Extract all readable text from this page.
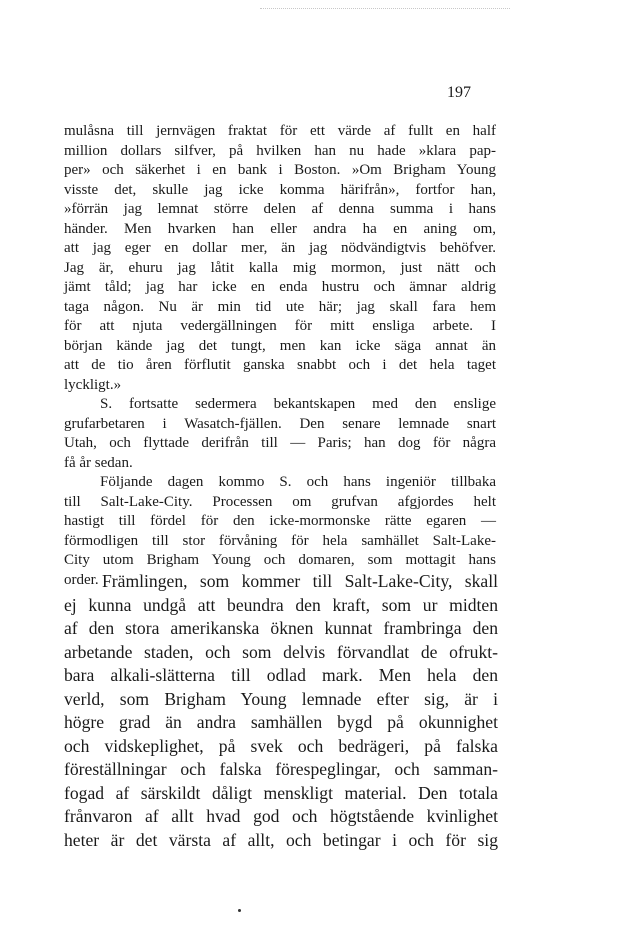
197
mulåsna till jernvägen fraktat för ett värde af fullt en half
million dollars silfver, på hvilken han nu hade »klara pap-
per» och säkerhet i en bank i Boston. »Om Brigham Young
visste det, skulle jag icke komma härifrån», fortfor han,
»förrän jag lemnat större delen af denna summa i hans
händer. Men hvarken han eller andra ha en aning om,
att jag eger en dollar mer, än jag nödvändigtvis behöfver.
Jag är, ehuru jag låtit kalla mig mormon, just nätt och
jämt tåld; jag har icke en enda hustru och ämnar aldrig
taga någon. Nu är min tid ute här; jag skall fara hem
för att njuta vedergällningen för mitt ensliga arbete. I
början kände jag det tungt, men kan icke säga annat än
att de tio åren förflutit ganska snabbt och i det hela taget
lyckligt.»
S. fortsatte sedermera bekantskapen med den enslige
grufarbetaren i Wasatch-fjällen. Den senare lemnade snart
Utah, och flyttade derifrån till — Paris; han dog för några
få år sedan.
Följande dagen kommo S. och hans ingeniör tillbaka
till Salt-Lake-City. Processen om grufvan afgjordes helt
hastigt till fördel för den icke-mormonske rätte egaren —
förmodligen till stor förvåning för hela samhället Salt-Lake-
City utom Brigham Young och domaren, som mottagit hans
order. Främlingen, som kommer till Salt-Lake-City, skall
ej kunna undgå att beundra den kraft, som ur midten
af den stora amerikanska öknen kunnat frambringa den
arbetande staden, och som delvis förvandlat de ofrukt-
bara alkali-slätterna till odlad mark. Men hela den
verld, som Brigham Young lemnade efter sig, är i
högre grad än andra samhällen bygd på okunnighet
och vidskeplighet, på svek och bedrägeri, på falska
föreställningar och falska förespeglingar, och samman-
fogad af särskildt dåligt menskligt material. Den totala
frånvaron af allt hvad god och högtstående kvinlighet
heter är det värsta af allt, och betingar i och för sig
